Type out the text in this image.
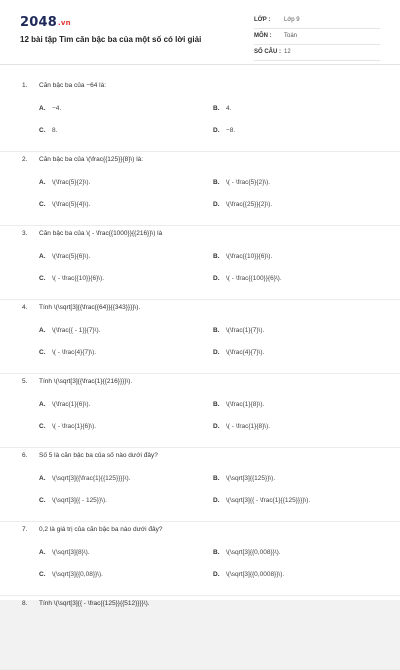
2048.vn
12 bài tập Tìm căn bậc ba của một số có lời giải
LỚP : Lớp 9
MÔN : Toán
SỐ CÂU : 12
1. Căn bậc ba của −64 là:
A. −4.	B. 4.
C. 8.	D. −8.
2. Căn bậc ba của \(\frac{{125}}{8}\) là:
A. \(\frac{5}{2}\).	B. \( - \frac{5}{2}\).
C. \(\frac{5}{4}\).	D. \(\frac{{25}}{2}\).
3. Căn bậc ba của \( - \frac{{1000}}{{216}}\) là
A. \(\frac{5}{6}\).	B. \(\frac{{10}}{6}\).
C. \( - \frac{{10}}{6}\).	D. \( - \frac{{100}}{6}\).
4. Tính \(\sqrt[3]{{\frac{{64}}{{343}}}}\).
A. \(\frac{{ - 1}}{7}\).	B. \(\frac{1}{7}\).
C. \( - \frac{4}{7}\).	D. \(\frac{4}{7}\).
5. Tính \(\sqrt[3]{{\frac{1}{{216}}}}\).
A. \(\frac{1}{6}\).	B. \(\frac{1}{8}\).
C. \( - \frac{1}{6}\).	D. \( - \frac{1}{8}\).
6. Số 5 là căn bậc ba của số nào dưới đây?
A. \(\sqrt[3]{{\frac{1}{{125}}}}\).	B. \(\sqrt[3]{{125}}\).
C. \(\sqrt[3]{{ - 125}}\).	D. \(\sqrt[3]{{ - \frac{1}{{125}}}}\).
7. 0,2 là giá trị của căn bậc ba nào dưới đây?
A. \(\sqrt[3]{8}\).	B. \(\sqrt[3]{{0,008}}\).
C. \(\sqrt[3]{{0,08}}\).	D. \(\sqrt[3]{{0,0008}}\).
8. Tính \(\sqrt[3]{{ - \frac{{125}}{{512}}}}\).
